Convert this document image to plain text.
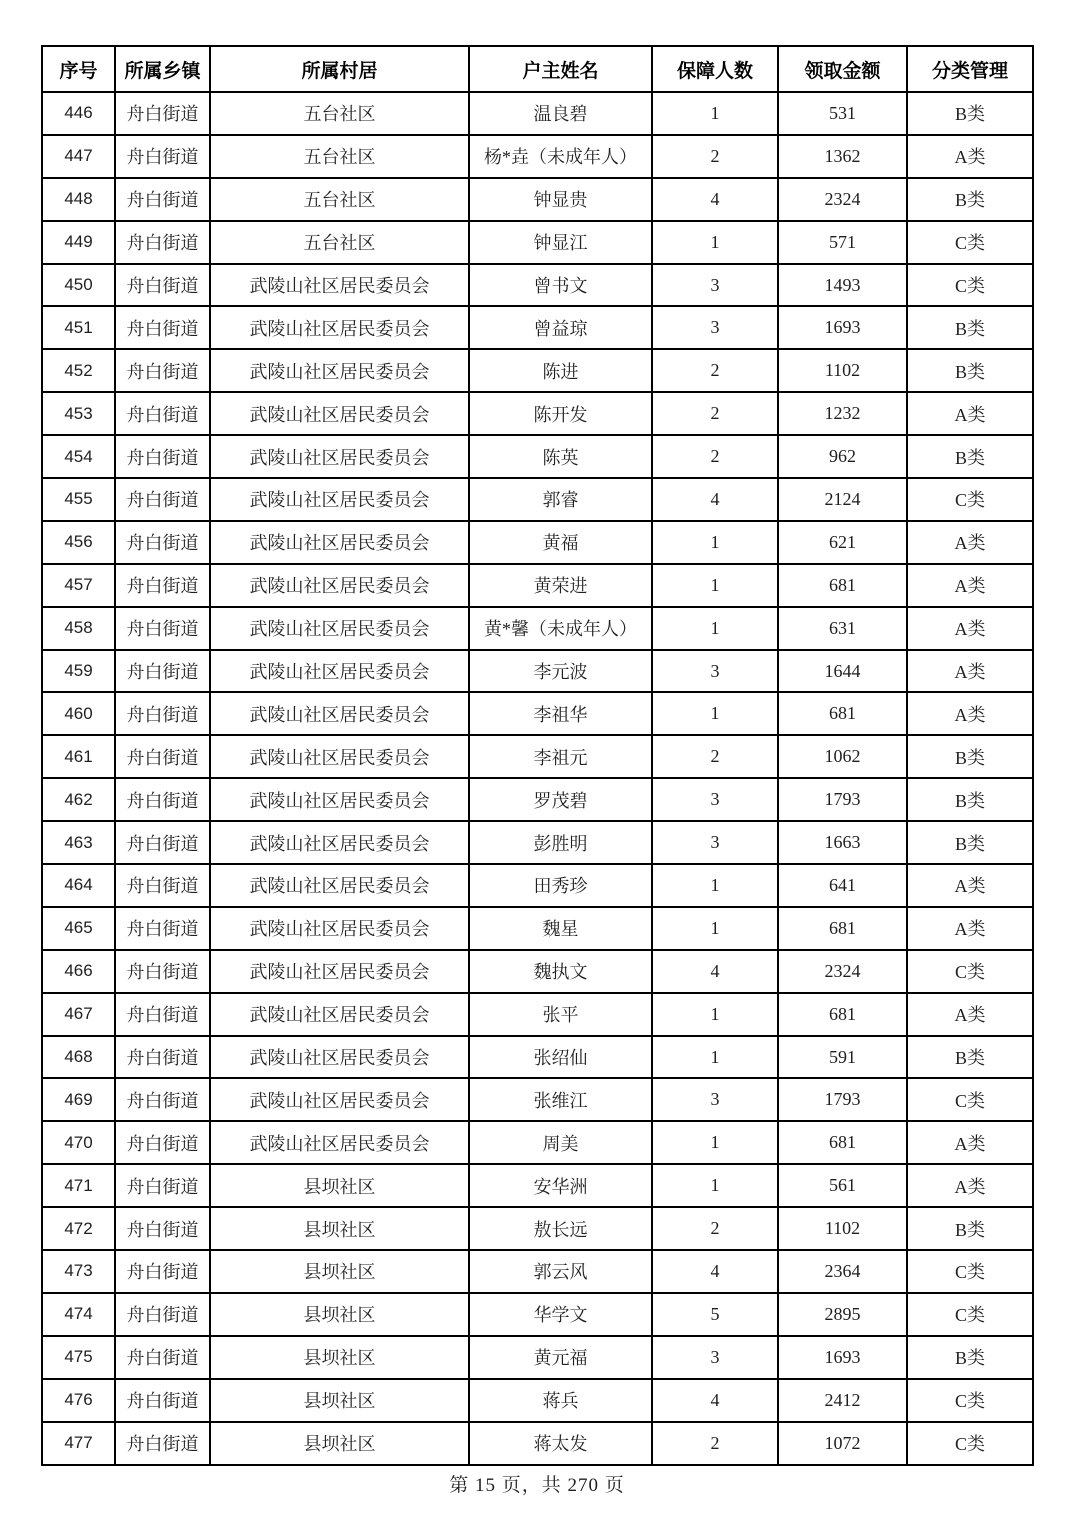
序号	所属乡镇	所属村居	户主姓名	保障人数	领取金额	分类管理
446	舟白街道	五台社区	温良碧	1	531	B类
447	舟白街道	五台社区	杨*垚（未成年人）	2	1362	A类
448	舟白街道	五台社区	钟显贵	4	2324	B类
449	舟白街道	五台社区	钟显江	1	571	C类
450	舟白街道	武陵山社区居民委员会	曾书文	3	1493	C类
451	舟白街道	武陵山社区居民委员会	曾益琼	3	1693	B类
452	舟白街道	武陵山社区居民委员会	陈进	2	1102	B类
453	舟白街道	武陵山社区居民委员会	陈开发	2	1232	A类
454	舟白街道	武陵山社区居民委员会	陈英	2	962	B类
455	舟白街道	武陵山社区居民委员会	郭睿	4	2124	C类
456	舟白街道	武陵山社区居民委员会	黄福	1	621	A类
457	舟白街道	武陵山社区居民委员会	黄荣进	1	681	A类
458	舟白街道	武陵山社区居民委员会	黄*馨（未成年人）	1	631	A类
459	舟白街道	武陵山社区居民委员会	李元波	3	1644	A类
460	舟白街道	武陵山社区居民委员会	李祖华	1	681	A类
461	舟白街道	武陵山社区居民委员会	李祖元	2	1062	B类
462	舟白街道	武陵山社区居民委员会	罗茂碧	3	1793	B类
463	舟白街道	武陵山社区居民委员会	彭胜明	3	1663	B类
464	舟白街道	武陵山社区居民委员会	田秀珍	1	641	A类
465	舟白街道	武陵山社区居民委员会	魏星	1	681	A类
466	舟白街道	武陵山社区居民委员会	魏执文	4	2324	C类
467	舟白街道	武陵山社区居民委员会	张平	1	681	A类
468	舟白街道	武陵山社区居民委员会	张绍仙	1	591	B类
469	舟白街道	武陵山社区居民委员会	张维江	3	1793	C类
470	舟白街道	武陵山社区居民委员会	周美	1	681	A类
471	舟白街道	县坝社区	安华洲	1	561	A类
472	舟白街道	县坝社区	敖长远	2	1102	B类
473	舟白街道	县坝社区	郭云风	4	2364	C类
474	舟白街道	县坝社区	华学文	5	2895	C类
475	舟白街道	县坝社区	黄元福	3	1693	B类
476	舟白街道	县坝社区	蒋兵	4	2412	C类
477	舟白街道	县坝社区	蒋太发	2	1072	C类
第 15 页，共 270 页
